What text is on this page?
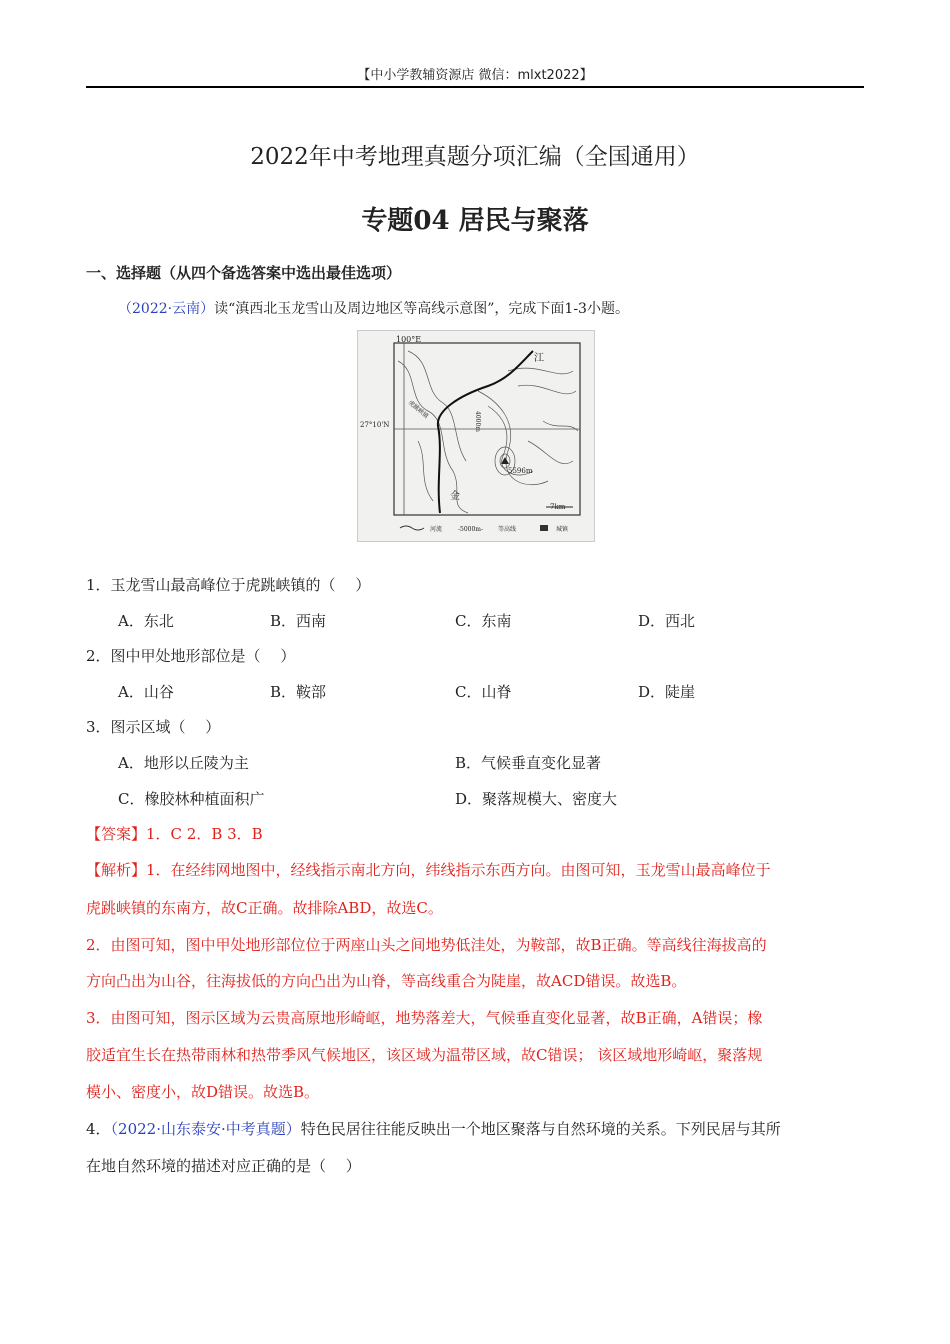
【中小学教辅资源店 微信：mlxt2022】
2022年中考地理真题分项汇编（全国通用）
专题04 居民与聚落
一、选择题（从四个备选答案中选出最佳选项）
（2022·云南）读“滇西北玉龙雪山及周边地区等高线示意图”，完成下面1-3小题。
100°E
27°10'N
5596m
7km
金
江
虎跳峡镇
4000m
河流	-5000m- 等高线	城镇
1．玉龙雪山最高峰位于虎跳峡镇的（　 ）
A．东北	B．西南	C．东南	D．西北
2．图中甲处地形部位是（　 ）
A．山谷	B．鞍部	C．山脊	D．陡崖
3．图示区域（　 ）
A．地形以丘陵为主	B．气候垂直变化显著
C．橡胶林种植面积广	D．聚落规模大、密度大
【答案】1．C 2．B 3．B
【解析】1．在经纬网地图中，经线指示南北方向，纬线指示东西方向。由图可知，玉龙雪山最高峰位于
虎跳峡镇的东南方，故C正确。故排除ABD，故选C。
2．由图可知，图中甲处地形部位位于两座山头之间地势低洼处，为鞍部，故B正确。等高线往海拔高的
方向凸出为山谷，往海拔低的方向凸出为山脊，等高线重合为陡崖，故ACD错误。故选B。
3．由图可知，图示区域为云贵高原地形崎岖，地势落差大，气候垂直变化显著，故B正确，A错误；橡
胶适宜生长在热带雨林和热带季风气候地区，该区域为温带区域，故C错误； 该区域地形崎岖，聚落规
模小、密度小，故D错误。故选B。
4．（2022·山东泰安·中考真题）特色民居往往能反映出一个地区聚落与自然环境的关系。下列民居与其所
在地自然环境的描述对应正确的是（　 ）
